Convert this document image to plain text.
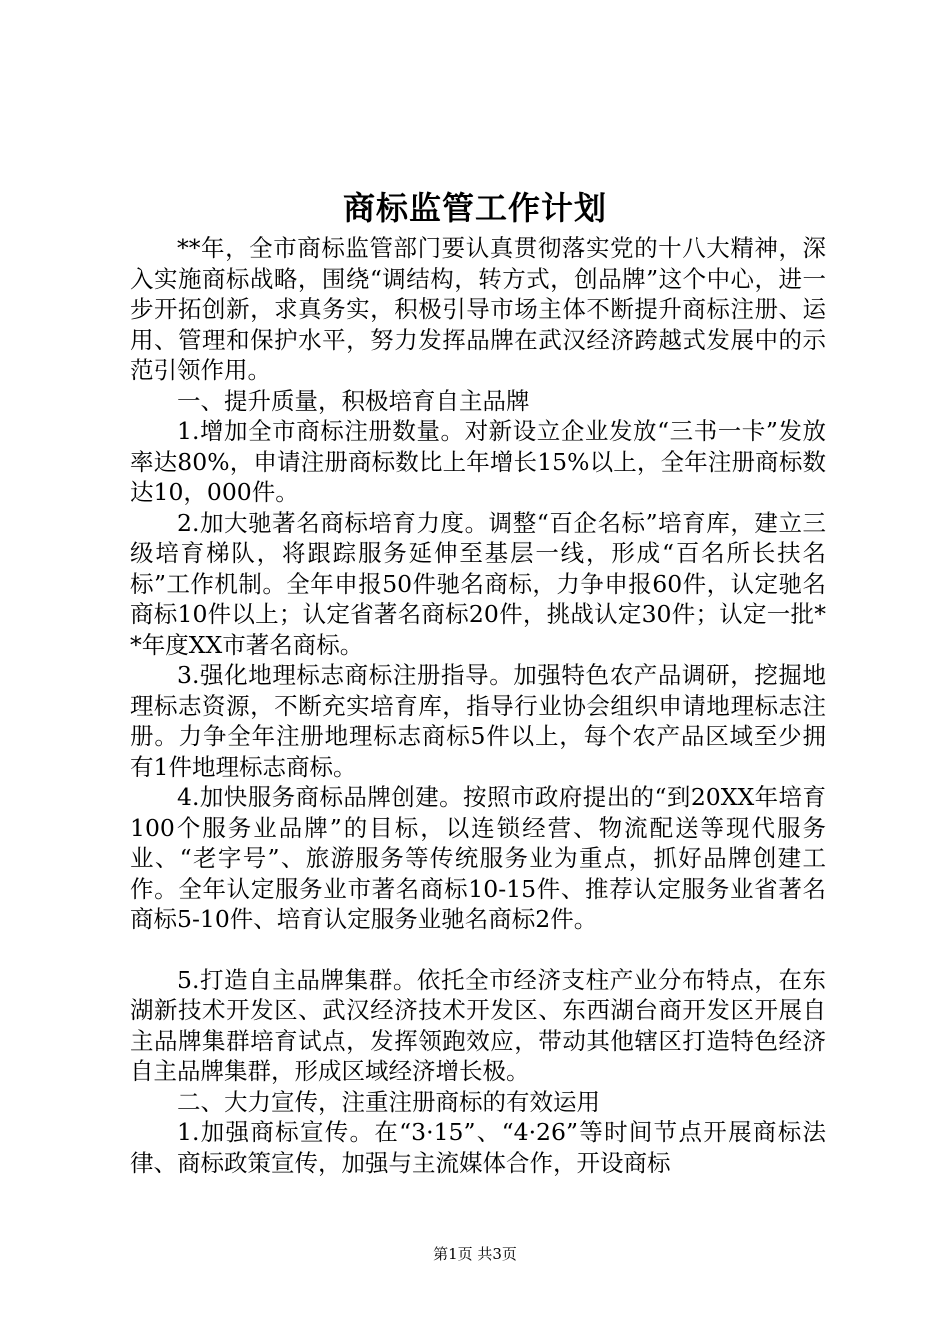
商标监管工作计划

**年，全市商标监管部门要认真贯彻落实党的十八大精神，深入实施商标战略，围绕“调结构，转方式，创品牌”这个中心，进一步开拓创新，求真务实，积极引导市场主体不断提升商标注册、运用、管理和保护水平，努力发挥品牌在武汉经济跨越式发展中的示范引领作用。

一、提升质量，积极培育自主品牌

1.增加全市商标注册数量。对新设立企业发放“三书一卡”发放率达80%，申请注册商标数比上年增长15%以上，全年注册商标数达10，000件。

2.加大驰著名商标培育力度。调整“百企名标”培育库，建立三级培育梯队，将跟踪服务延伸至基层一线，形成“百名所长扶名标”工作机制。全年申报50件驰名商标，力争申报60件，认定驰名商标10件以上；认定省著名商标20件，挑战认定30件；认定一批**年度XX市著名商标。

3.强化地理标志商标注册指导。加强特色农产品调研，挖掘地理标志资源，不断充实培育库，指导行业协会组织申请地理标志注册。力争全年注册地理标志商标5件以上，每个农产品区域至少拥有1件地理标志商标。

4.加快服务商标品牌创建。按照市政府提出的“到20XX年培育100个服务业品牌”的目标，以连锁经营、物流配送等现代服务业、“老字号”、旅游服务等传统服务业为重点，抓好品牌创建工作。全年认定服务业市著名商标10-15件、推荐认定服务业省著名商标5-10件、培育认定服务业驰名商标2件。

5.打造自主品牌集群。依托全市经济支柱产业分布特点，在东湖新技术开发区、武汉经济技术开发区、东西湖台商开发区开展自主品牌集群培育试点，发挥领跑效应，带动其他辖区打造特色经济自主品牌集群，形成区域经济增长极。

二、大力宣传，注重注册商标的有效运用

1.加强商标宣传。在“3·15”、“4·26”等时间节点开展商标法律、商标政策宣传，加强与主流媒体合作，开设商标

第1页 共3页
